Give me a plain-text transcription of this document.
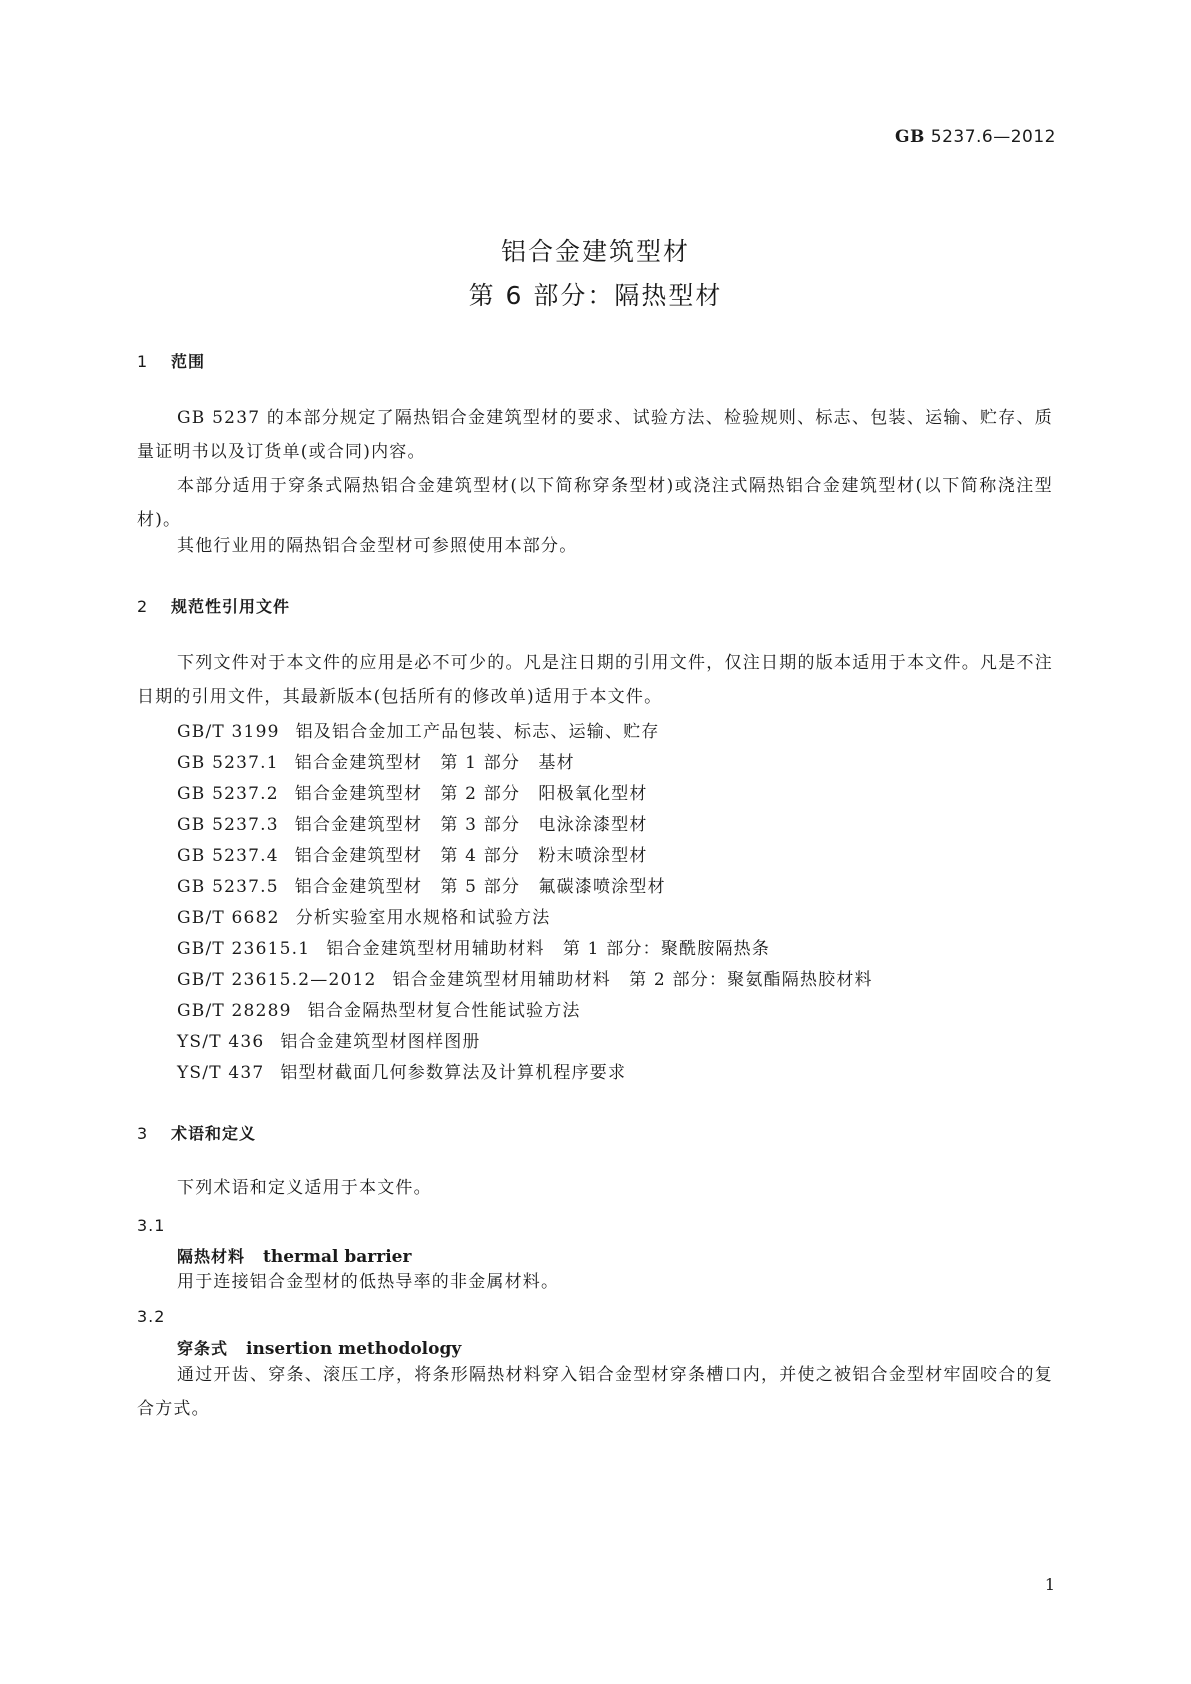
GB 5237.6—2012
铝合金建筑型材
第 6 部分：隔热型材
1 范围
GB 5237 的本部分规定了隔热铝合金建筑型材的要求、试验方法、检验规则、标志、包装、运输、贮存、质量证明书以及订货单(或合同)内容。
本部分适用于穿条式隔热铝合金建筑型材(以下简称穿条型材)或浇注式隔热铝合金建筑型材(以下简称浇注型材)。
其他行业用的隔热铝合金型材可参照使用本部分。
2 规范性引用文件
下列文件对于本文件的应用是必不可少的。凡是注日期的引用文件，仅注日期的版本适用于本文件。凡是不注日期的引用文件，其最新版本(包括所有的修改单)适用于本文件。
GB/T 3199 铝及铝合金加工产品包装、标志、运输、贮存
GB 5237.1 铝合金建筑型材　第 1 部分　基材
GB 5237.2 铝合金建筑型材　第 2 部分　阳极氧化型材
GB 5237.3 铝合金建筑型材　第 3 部分　电泳涂漆型材
GB 5237.4 铝合金建筑型材　第 4 部分　粉末喷涂型材
GB 5237.5 铝合金建筑型材　第 5 部分　氟碳漆喷涂型材
GB/T 6682 分析实验室用水规格和试验方法
GB/T 23615.1 铝合金建筑型材用辅助材料　第 1 部分：聚酰胺隔热条
GB/T 23615.2—2012 铝合金建筑型材用辅助材料　第 2 部分：聚氨酯隔热胶材料
GB/T 28289 铝合金隔热型材复合性能试验方法
YS/T 436 铝合金建筑型材图样图册
YS/T 437 铝型材截面几何参数算法及计算机程序要求
3 术语和定义
下列术语和定义适用于本文件。
3.1
隔热材料 thermal barrier
用于连接铝合金型材的低热导率的非金属材料。
3.2
穿条式 insertion methodology
通过开齿、穿条、滚压工序，将条形隔热材料穿入铝合金型材穿条槽口内，并使之被铝合金型材牢固咬合的复合方式。
1
